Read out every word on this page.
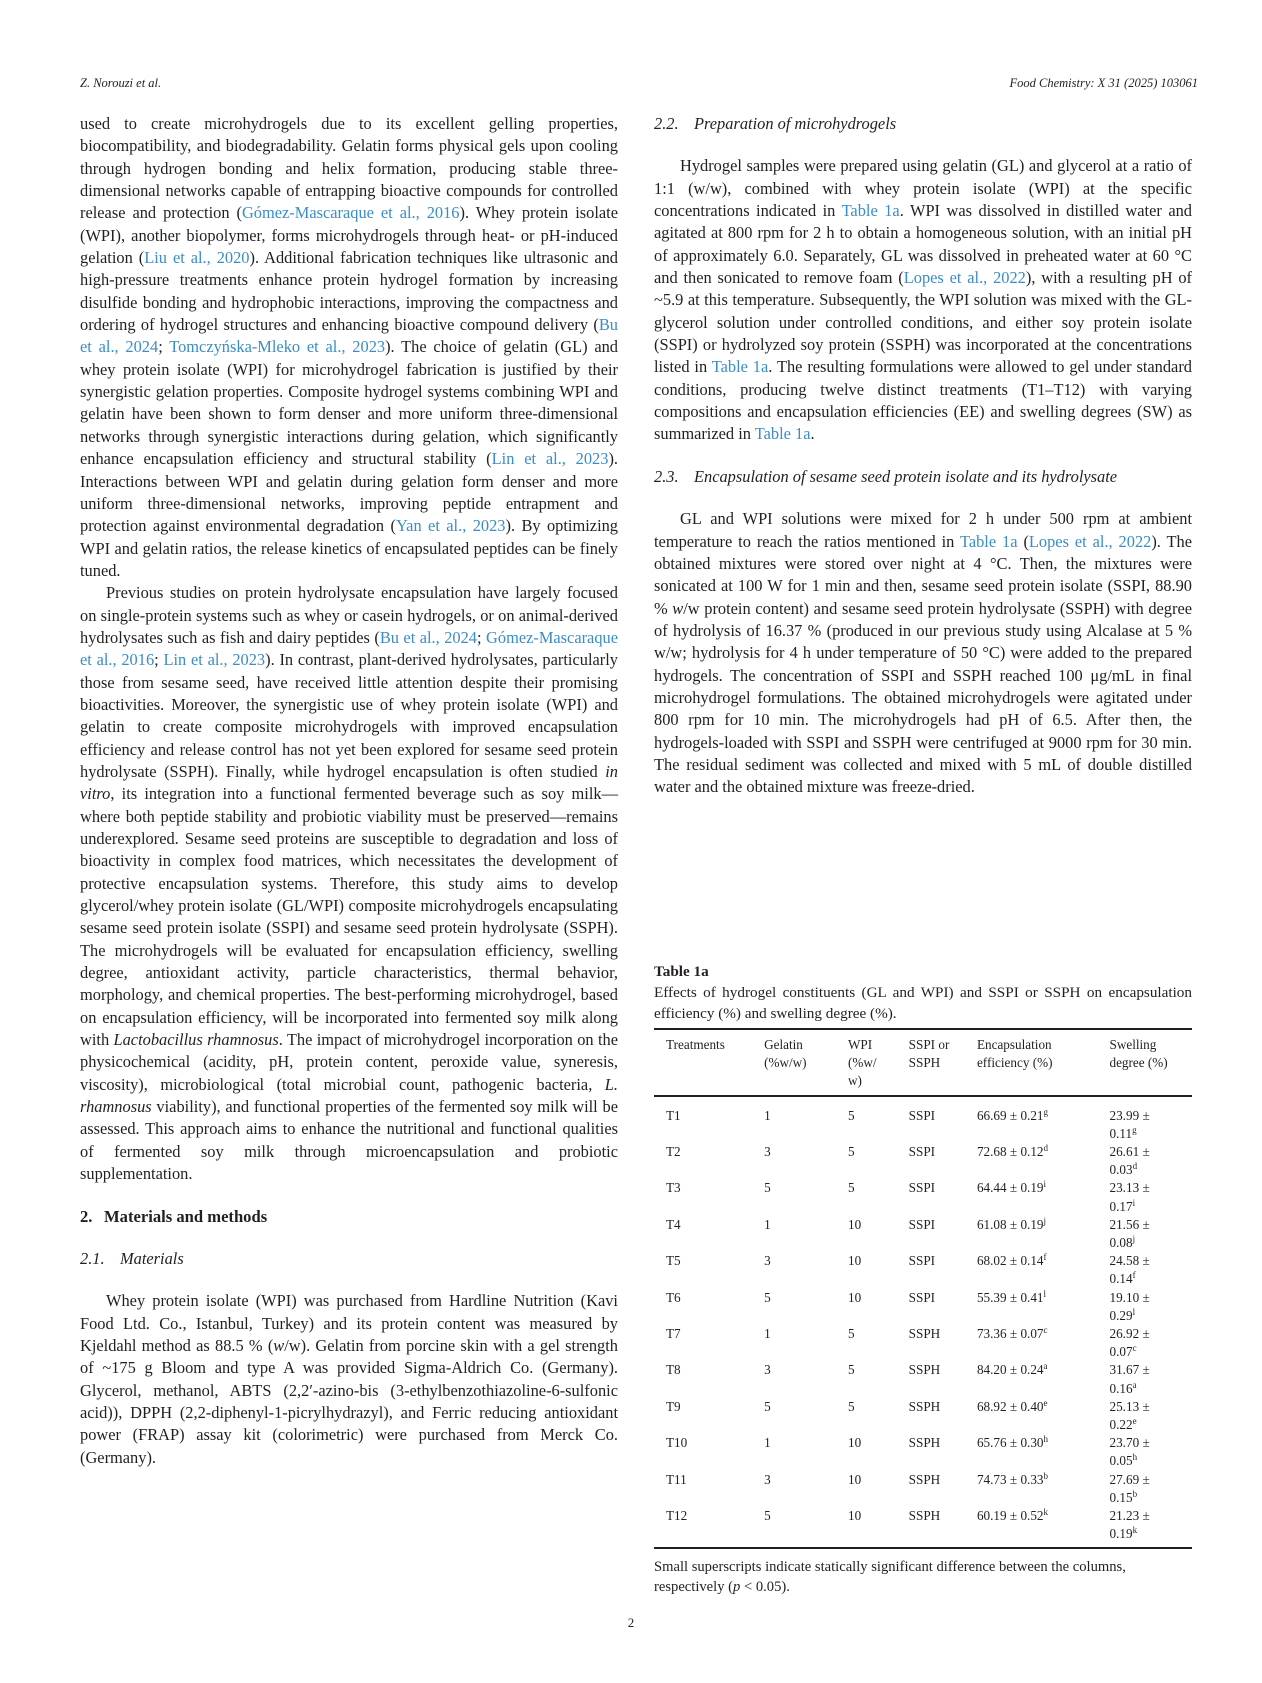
Z. Norouzi et al.	Food Chemistry: X 31 (2025) 103061

used to create microhydrogels due to its excellent gelling properties, biocompatibility, and biodegradability. Gelatin forms physical gels upon cooling through hydrogen bonding and helix formation, producing stable three-dimensional networks capable of entrapping bioactive compounds for controlled release and protection (Gómez-Mascaraque et al., 2016). Whey protein isolate (WPI), another biopolymer, forms microhydrogels through heat- or pH-induced gelation (Liu et al., 2020). Additional fabrication techniques like ultrasonic and high-pressure treatments enhance protein hydrogel formation by increasing disulfide bonding and hydrophobic interactions, improving the compactness and ordering of hydrogel structures and enhancing bioactive compound delivery (Bu et al., 2024; Tomczyńska-Mleko et al., 2023). The choice of gelatin (GL) and whey protein isolate (WPI) for microhydrogel fabrication is justified by their synergistic gelation properties. Composite hydrogel systems combining WPI and gelatin have been shown to form denser and more uniform three-dimensional networks through synergistic interactions during gelation, which significantly enhance encapsulation efficiency and structural stability (Lin et al., 2023). Interactions between WPI and gelatin during gelation form denser and more uniform three-dimensional networks, improving peptide entrapment and protection against environmental degradation (Yan et al., 2023). By optimizing WPI and gelatin ratios, the release kinetics of encapsulated peptides can be finely tuned.

Previous studies on protein hydrolysate encapsulation have largely focused on single-protein systems such as whey or casein hydrogels, or on animal-derived hydrolysates such as fish and dairy peptides (Bu et al., 2024; Gómez-Mascaraque et al., 2016; Lin et al., 2023). In contrast, plant-derived hydrolysates, particularly those from sesame seed, have received little attention despite their promising bioactivities. Moreover, the synergistic use of whey protein isolate (WPI) and gelatin to create composite microhydrogels with improved encapsulation efficiency and release control has not yet been explored for sesame seed protein hydrolysate (SSPH). Finally, while hydrogel encapsulation is often studied in vitro, its integration into a functional fermented beverage such as soy milk—where both peptide stability and probiotic viability must be preserved—remains underexplored. Sesame seed proteins are susceptible to degradation and loss of bioactivity in complex food matrices, which necessitates the development of protective encapsulation systems. Therefore, this study aims to develop glycerol/whey protein isolate (GL/WPI) composite microhydrogels encapsulating sesame seed protein isolate (SSPI) and sesame seed protein hydrolysate (SSPH). The microhydrogels will be evaluated for encapsulation efficiency, swelling degree, antioxidant activity, particle characteristics, thermal behavior, morphology, and chemical properties. The best-performing microhydrogel, based on encapsulation efficiency, will be incorporated into fermented soy milk along with Lactobacillus rhamnosus. The impact of microhydrogel incorporation on the physicochemical (acidity, pH, protein content, peroxide value, syneresis, viscosity), microbiological (total microbial count, pathogenic bacteria, L. rhamnosus viability), and functional properties of the fermented soy milk will be assessed. This approach aims to enhance the nutritional and functional qualities of fermented soy milk through microencapsulation and probiotic supplementation.

2. Materials and methods

2.1. Materials

Whey protein isolate (WPI) was purchased from Hardline Nutrition (Kavi Food Ltd. Co., Istanbul, Turkey) and its protein content was measured by Kjeldahl method as 88.5 % (w/w). Gelatin from porcine skin with a gel strength of ~175 g Bloom and type A was provided Sigma-Aldrich Co. (Germany). Glycerol, methanol, ABTS (2,2′-azino-bis (3-ethylbenzothiazoline-6-sulfonic acid)), DPPH (2,2-diphenyl-1-picrylhydrazyl), and Ferric reducing antioxidant power (FRAP) assay kit (colorimetric) were purchased from Merck Co. (Germany).

2.2. Preparation of microhydrogels

Hydrogel samples were prepared using gelatin (GL) and glycerol at a ratio of 1:1 (w/w), combined with whey protein isolate (WPI) at the specific concentrations indicated in Table 1a. WPI was dissolved in distilled water and agitated at 800 rpm for 2 h to obtain a homogeneous solution, with an initial pH of approximately 6.0. Separately, GL was dissolved in preheated water at 60 °C and then sonicated to remove foam (Lopes et al., 2022), with a resulting pH of ~5.9 at this temperature. Subsequently, the WPI solution was mixed with the GL-glycerol solution under controlled conditions, and either soy protein isolate (SSPI) or hydrolyzed soy protein (SSPH) was incorporated at the concentrations listed in Table 1a. The resulting formulations were allowed to gel under standard conditions, producing twelve distinct treatments (T1–T12) with varying compositions and encapsulation efficiencies (EE) and swelling degrees (SW) as summarized in Table 1a.

2.3. Encapsulation of sesame seed protein isolate and its hydrolysate

GL and WPI solutions were mixed for 2 h under 500 rpm at ambient temperature to reach the ratios mentioned in Table 1a (Lopes et al., 2022). The obtained mixtures were stored over night at 4 °C. Then, the mixtures were sonicated at 100 W for 1 min and then, sesame seed protein isolate (SSPI, 88.90 % w/w protein content) and sesame seed protein hydrolysate (SSPH) with degree of hydrolysis of 16.37 % (produced in our previous study using Alcalase at 5 % w/w; hydrolysis for 4 h under temperature of 50 °C) were added to the prepared hydrogels. The concentration of SSPI and SSPH reached 100 μg/mL in final microhydrogel formulations. The obtained microhydrogels were agitated under 800 rpm for 10 min. The microhydrogels had pH of 6.5. After then, the hydrogels-loaded with SSPI and SSPH were centrifuged at 9000 rpm for 30 min. The residual sediment was collected and mixed with 5 mL of double distilled water and the obtained mixture was freeze-dried.

Table 1a
Effects of hydrogel constituents (GL and WPI) and SSPI or SSPH on encapsulation efficiency (%) and swelling degree (%).
Treatments	Gelatin (%w/w)	WPI (%w/ w)	SSPI or SSPH	Encapsulation efficiency (%)	Swelling degree (%)
T1	1	5	SSPI	66.69 ± 0.21$^g$	23.99 ± 0.11$^g$

T2	3	5	SSPI	72.68 ± 0.12$^d$	26.61 ± 0.03$^d$

T3	5	5	SSPI	$64.44 \pm 0.19^i$	$23.13 \pm 0.17^i$

T4	1	10	SSPI	$61.08 \pm 0.19^j$	$21.56 \pm 0.08^j$

T5	3	10	SSPI	68.02 ± 0.14$^f$	24.58 ± 0.14$^f$

T6	5	10	SSPI	$55.39 \pm 0.41^l$	$19.10 \pm 0.29^l$

T7	1	5	SSPH	73.36 ± 0.07$^c$	26.92 ± 0.07$^c$

T8	3	5	SSPH	84.20 ± 0.24$^a$	31.67 ± 0.16$^a$

T9	5	5	SSPH	68.92 ± 0.40$^e$	25.13 ± 0.22$^e$

T10	1	10	SSPH	65.76 ± 0.30$^h$	23.70 ± 0.05$^h$

T11	3	10	SSPH	74.73 ± 0.33$^b$	27.69 ± 0.15$^b$

T12	5	10	SSPH	$60.19 \pm 0.52^k$	$21.23 \pm 0.19^k$
Small superscripts indicate statically significant difference between the columns, respectively (p < 0.05).
2
